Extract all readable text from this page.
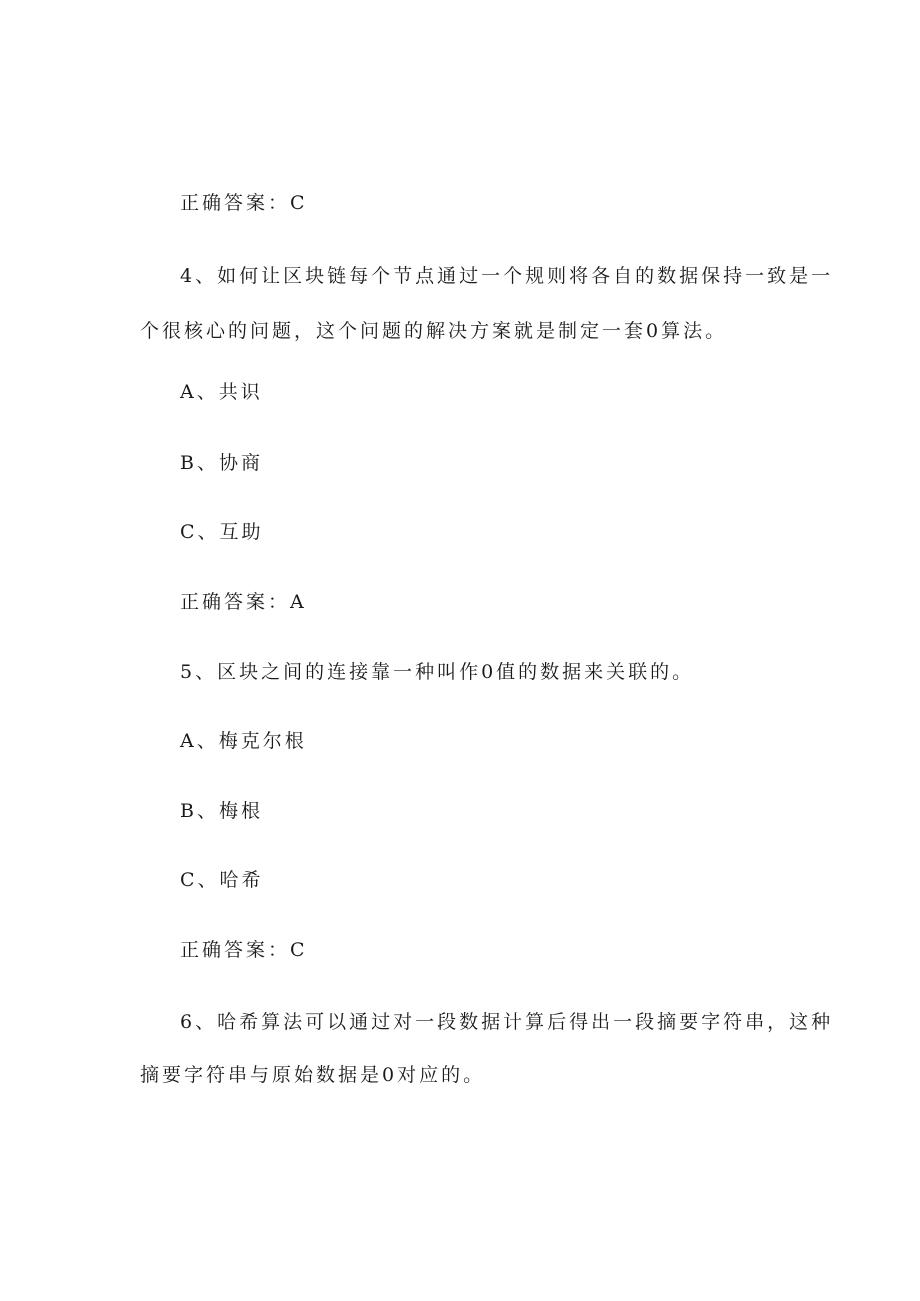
正确答案：C
4、如何让区块链每个节点通过一个规则将各自的数据保持一致是一
个很核心的问题，这个问题的解决方案就是制定一套0算法。
A、共识
B、协商
C、互助
正确答案：A
5、区块之间的连接靠一种叫作0值的数据来关联的。
A、梅克尔根
B、梅根
C、哈希
正确答案：C
6、哈希算法可以通过对一段数据计算后得出一段摘要字符串，这种
摘要字符串与原始数据是0对应的。
